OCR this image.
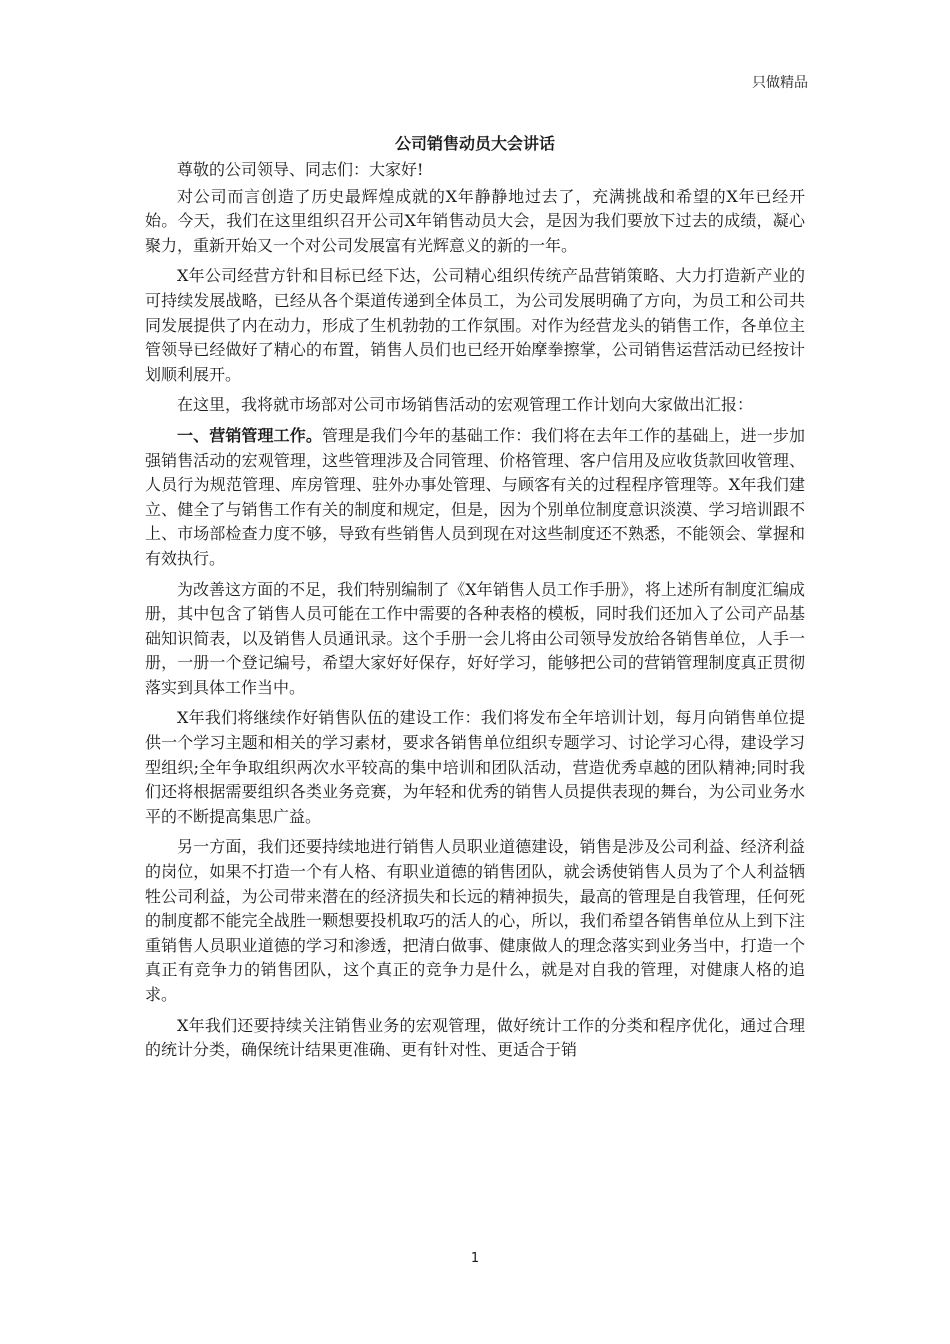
只做精品
公司销售动员大会讲话

尊敬的公司领导、同志们：大家好!

对公司而言创造了历史最辉煌成就的X年静静地过去了，充满挑战和希望的X年已经开始。今天，我们在这里组织召开公司X年销售动员大会，是因为我们要放下过去的成绩，凝心聚力，重新开始又一个对公司发展富有光辉意义的新的一年。

X年公司经营方针和目标已经下达，公司精心组织传统产品营销策略、大力打造新产业的可持续发展战略，已经从各个渠道传递到全体员工，为公司发展明确了方向，为员工和公司共同发展提供了内在动力，形成了生机勃勃的工作氛围。对作为经营龙头的销售工作，各单位主管领导已经做好了精心的布置，销售人员们也已经开始摩拳擦掌，公司销售运营活动已经按计划顺利展开。

在这里，我将就市场部对公司市场销售活动的宏观管理工作计划向大家做出汇报：

一、营销管理工作。管理是我们今年的基础工作：我们将在去年工作的基础上，进一步加强销售活动的宏观管理，这些管理涉及合同管理、价格管理、客户信用及应收货款回收管理、人员行为规范管理、库房管理、驻外办事处管理、与顾客有关的过程程序管理等。X年我们建立、健全了与销售工作有关的制度和规定，但是，因为个别单位制度意识淡漠、学习培训跟不上、市场部检查力度不够，导致有些销售人员到现在对这些制度还不熟悉，不能领会、掌握和有效执行。

为改善这方面的不足，我们特别编制了《X年销售人员工作手册》，将上述所有制度汇编成册，其中包含了销售人员可能在工作中需要的各种表格的模板，同时我们还加入了公司产品基础知识简表，以及销售人员通讯录。这个手册一会儿将由公司领导发放给各销售单位，人手一册，一册一个登记编号，希望大家好好保存，好好学习，能够把公司的营销管理制度真正贯彻落实到具体工作当中。

X年我们将继续作好销售队伍的建设工作：我们将发布全年培训计划，每月向销售单位提供一个学习主题和相关的学习素材，要求各销售单位组织专题学习、讨论学习心得，建设学习型组织;全年争取组织两次水平较高的集中培训和团队活动，营造优秀卓越的团队精神;同时我们还将根据需要组织各类业务竞赛，为年轻和优秀的销售人员提供表现的舞台，为公司业务水平的不断提高集思广益。

另一方面，我们还要持续地进行销售人员职业道德建设，销售是涉及公司利益、经济利益的岗位，如果不打造一个有人格、有职业道德的销售团队，就会诱使销售人员为了个人利益牺牲公司利益，为公司带来潜在的经济损失和长远的精神损失，最高的管理是自我管理，任何死的制度都不能完全战胜一颗想要投机取巧的活人的心，所以，我们希望各销售单位从上到下注重销售人员职业道德的学习和渗透，把清白做事、健康做人的理念落实到业务当中，打造一个真正有竞争力的销售团队，这个真正的竞争力是什么，就是对自我的管理，对健康人格的追求。

X年我们还要持续关注销售业务的宏观管理，做好统计工作的分类和程序优化，通过合理的统计分类，确保统计结果更准确、更有针对性、更适合于销

1
